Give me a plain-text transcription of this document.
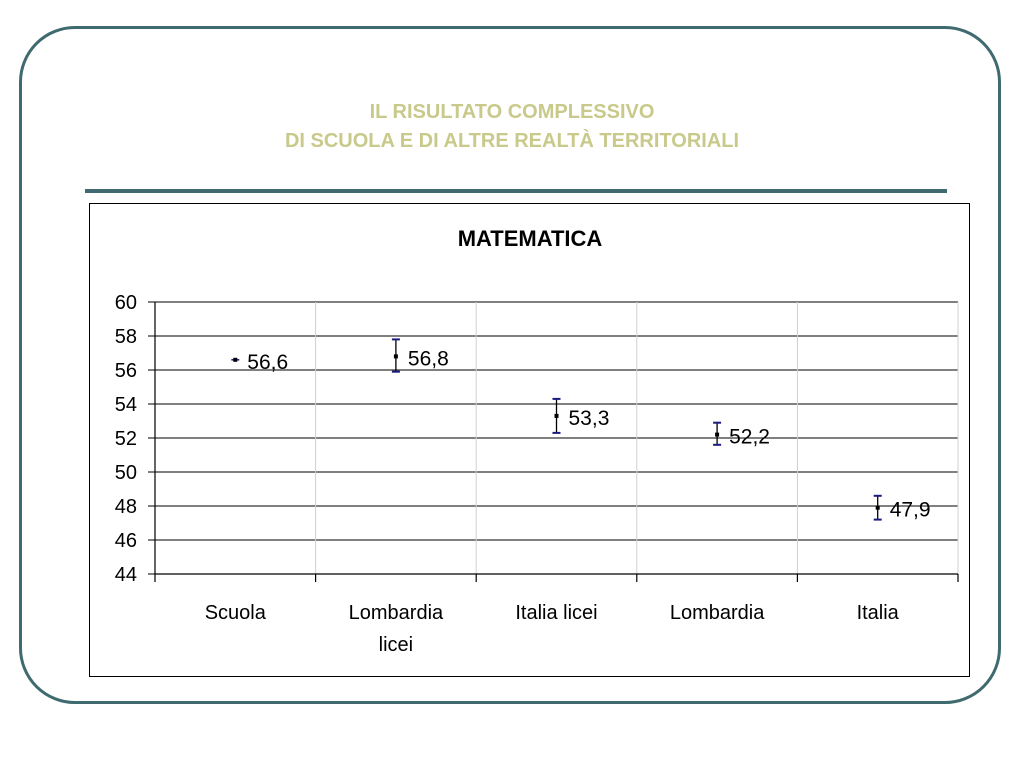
IL RISULTATO COMPLESSIVO
DI SCUOLA E DI ALTRE REALTÀ TERRITORIALI
44
46
48
50
52
54
56
58
60
Scuola	Lombardia
licei
Italia licei	Lombardia	Italia
56,6	56,8
53,3
52,2
47,9
MATEMATICA
